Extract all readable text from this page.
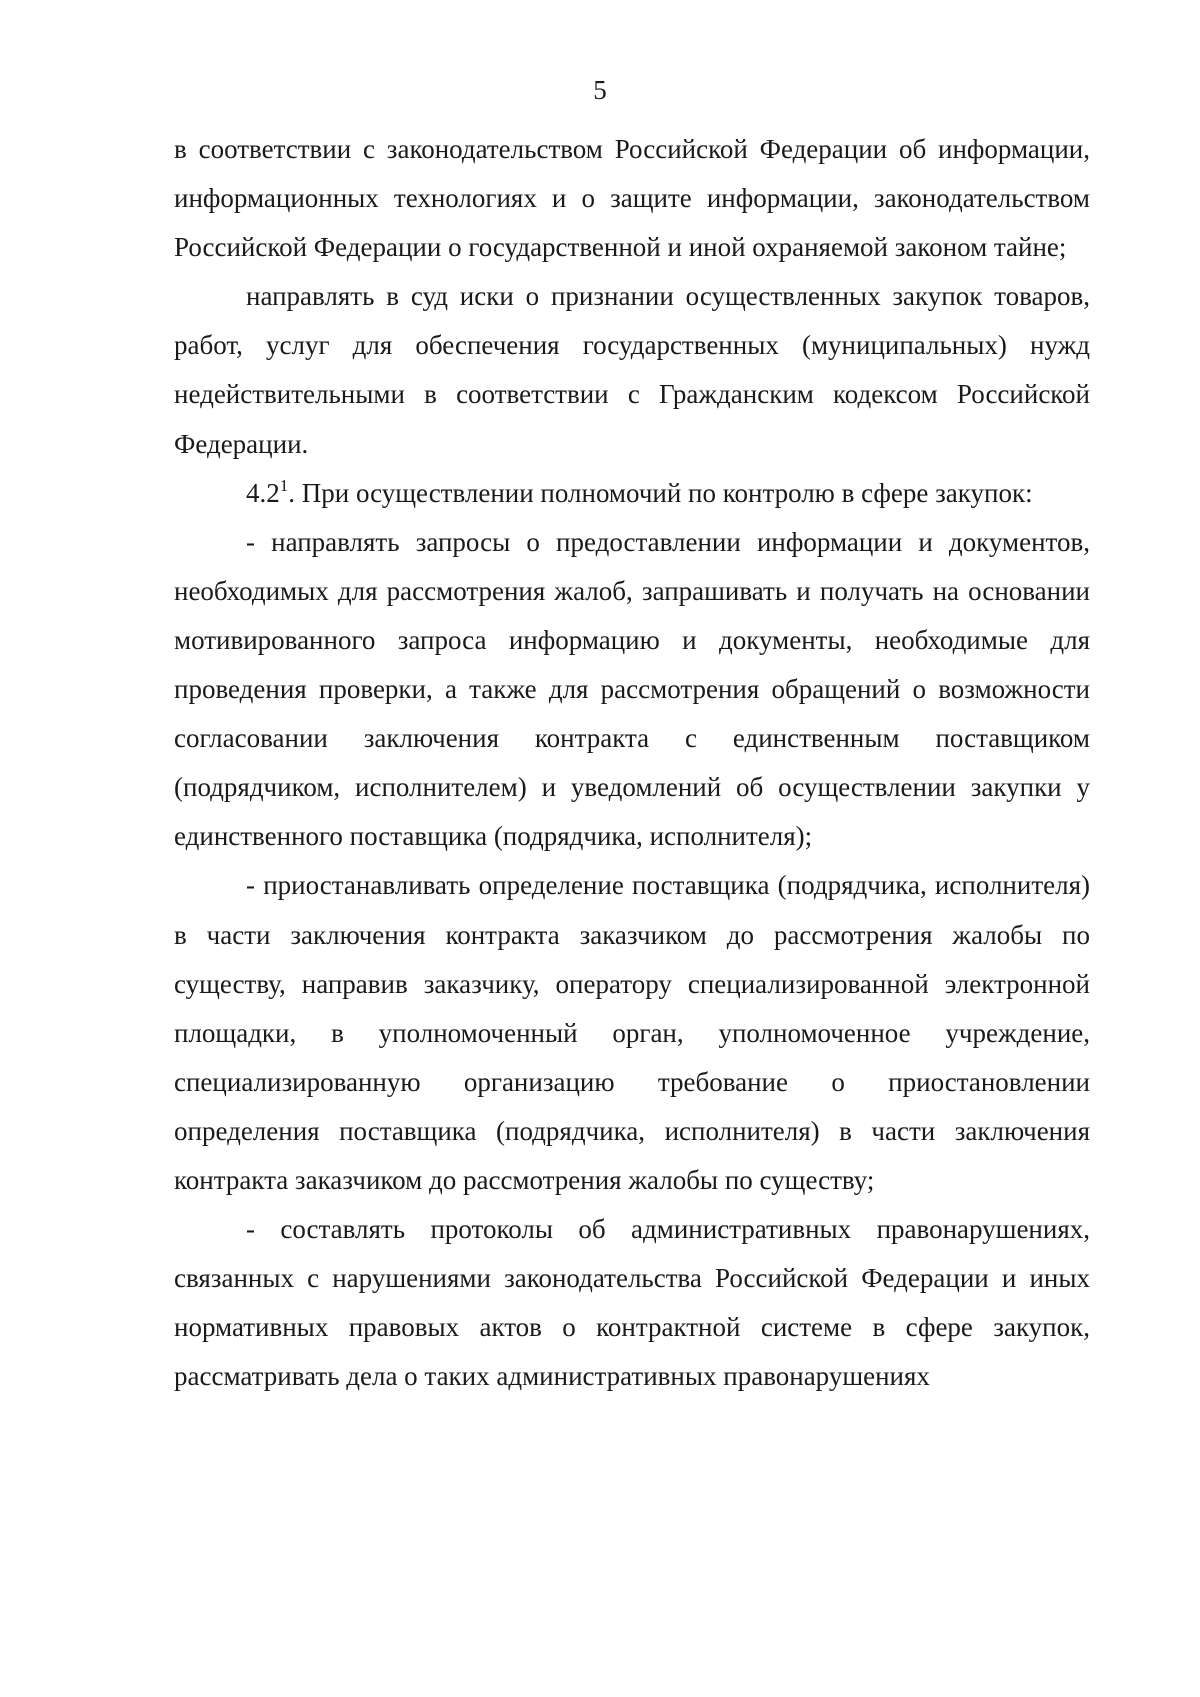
5

в соответствии с законодательством Российской Федерации об информации, информационных технологиях и о защите информации, законодательством Российской Федерации о государственной и иной охраняемой законом тайне;

направлять в суд иски о признании осуществленных закупок товаров, работ, услуг для обеспечения государственных (муниципальных) нужд недействительными в соответствии с Гражданским кодексом Российской Федерации.

$4.2^1$. При осуществлении полномочий по контролю в сфере закупок:

- направлять запросы о предоставлении информации и документов, необходимых для рассмотрения жалоб, запрашивать и получать на основании мотивированного запроса информацию и документы, необходимые для проведения проверки, а также для рассмотрения обращений о возможности согласовании заключения контракта с единственным поставщиком (подрядчиком, исполнителем) и уведомлений об осуществлении закупки у единственного поставщика (подрядчика, исполнителя);

- приостанавливать определение поставщика (подрядчика, исполнителя) в части заключения контракта заказчиком до рассмотрения жалобы по существу, направив заказчику, оператору специализированной электронной площадки, в уполномоченный орган, уполномоченное учреждение, специализированную организацию требование о приостановлении определения поставщика (подрядчика, исполнителя) в части заключения контракта заказчиком до рассмотрения жалобы по существу;

- составлять протоколы об административных правонарушениях, связанных с нарушениями законодательства Российской Федерации и иных нормативных правовых актов о контрактной системе в сфере закупок, рассматривать дела о таких административных правонарушениях
